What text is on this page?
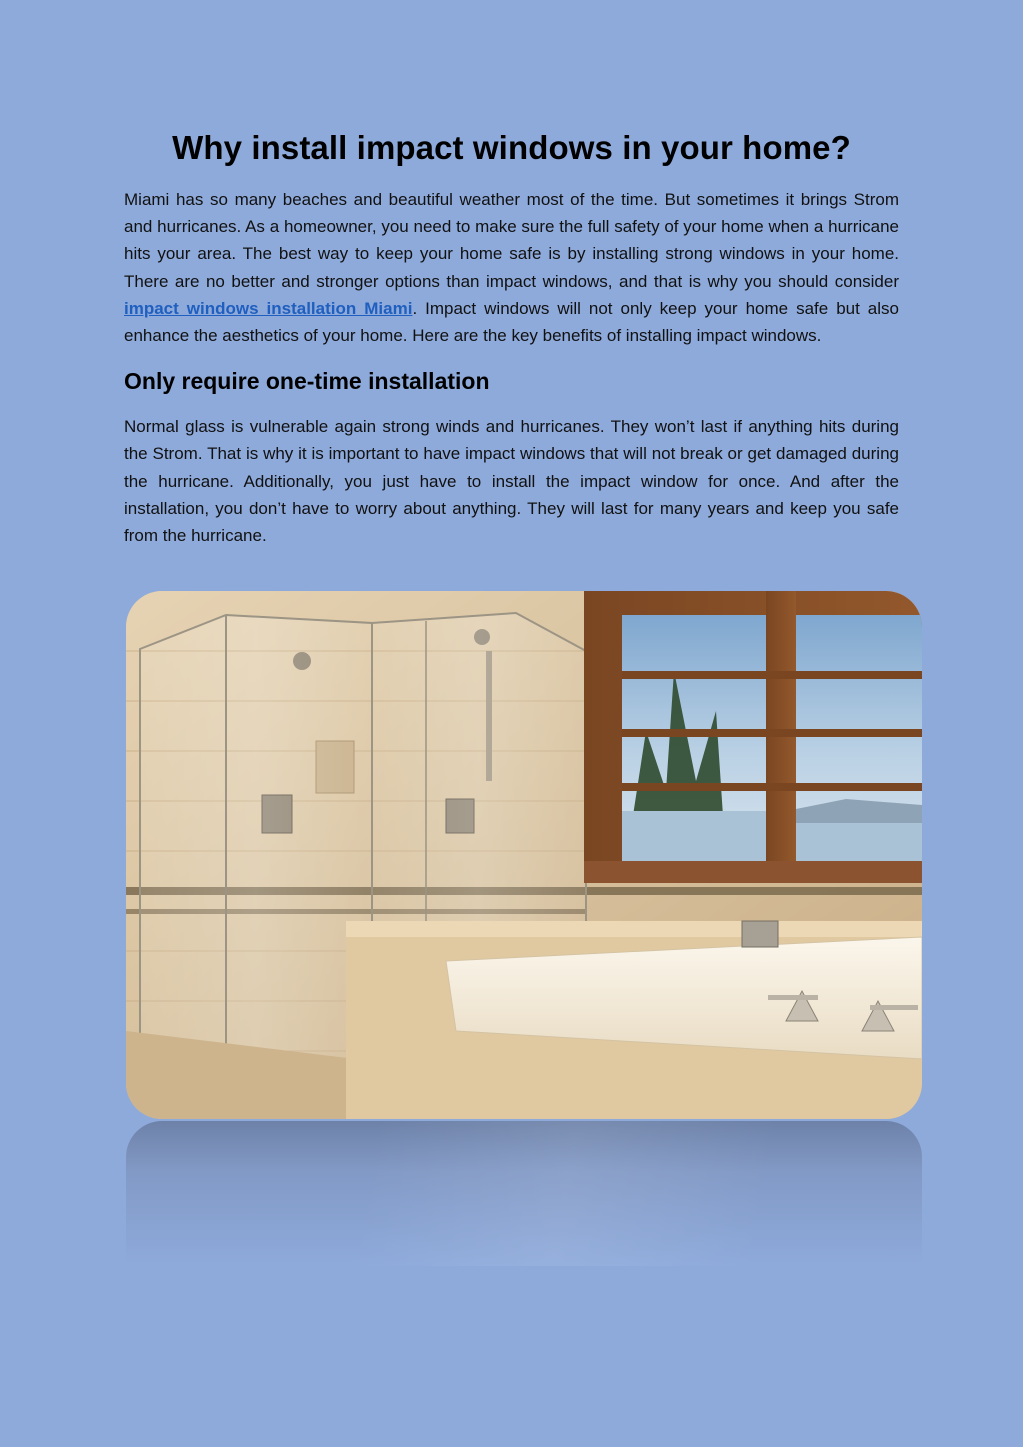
Why install impact windows in your home?

Miami has so many beaches and beautiful weather most of the time. But sometimes it brings Strom and hurricanes. As a homeowner, you need to make sure the full safety of your home when a hurricane hits your area. The best way to keep your home safe is by installing strong windows in your home. There are no better and stronger options than impact windows, and that is why you should consider impact windows installation Miami. Impact windows will not only keep your home safe but also enhance the aesthetics of your home. Here are the key benefits of installing impact windows.

Only require one-time installation

Normal glass is vulnerable again strong winds and hurricanes. They won’t last if anything hits during the Strom. That is why it is important to have impact windows that will not break or get damaged during the hurricane. Additionally, you just have to install the impact window for once. And after the installation, you don’t have to worry about anything. They will last for many years and keep you safe from the hurricane.
